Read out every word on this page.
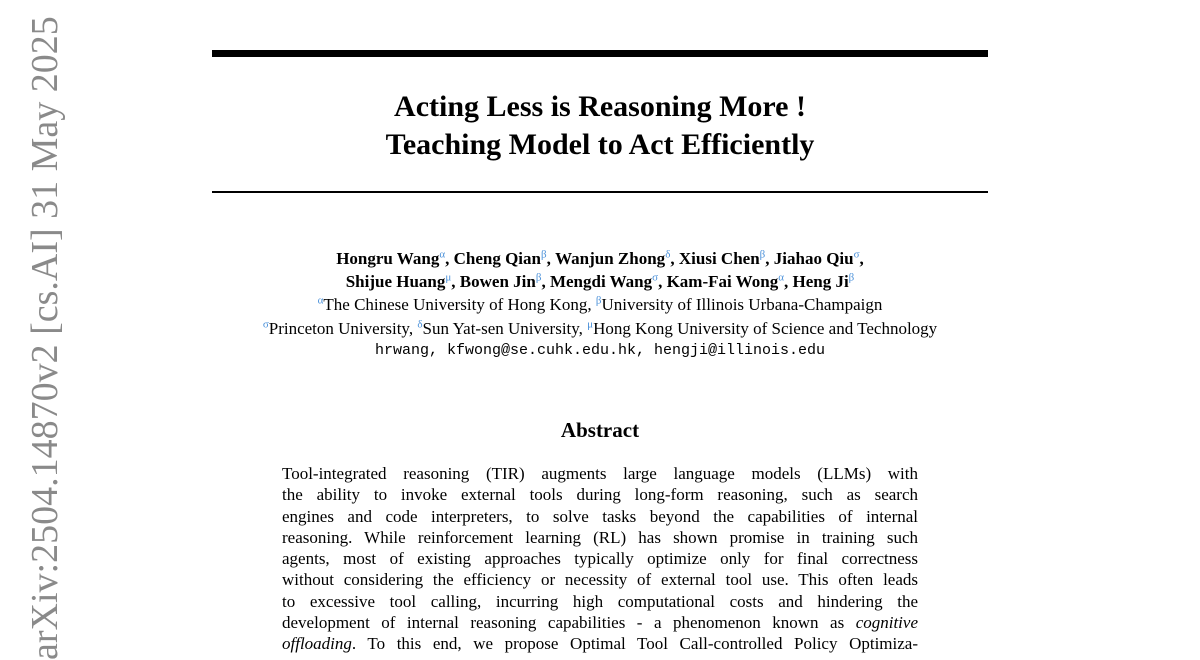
Acting Less is Reasoning More !
Teaching Model to Act Efficiently
Hongru Wang$^\alpha$, Cheng Qian$^\beta$, Wanjun Zhong$^\delta$, Xiusi Chen$^\beta$, Jiahao Qiu$^\sigma$,
Shijue Huang$^\mu$, Bowen Jin$^\beta$, Mengdi Wang$^\sigma$, Kam-Fai Wong$^\alpha$, Heng $Ji^\beta$
$^\alpha$The Chinese University of Hong Kong, $^\beta$University of Illinois Urbana-Champaign
$^\sigma$Princeton University, $^\delta$Sun Yat-sen University, $^\mu$Hong Kong University of Science and Technology
hrwang, kfwong@se.cuhk.edu.hk, hengji@illinois.edu
Abstract
Tool-integrated reasoning (TIR) augments large language models (LLMs) with
the ability to invoke external tools during long-form reasoning, such as search
engines and code interpreters, to solve tasks beyond the capabilities of internal
reasoning. While reinforcement learning (RL) has shown promise in training such
agents, most of existing approaches typically optimize only for final correctness
without considering the efficiency or necessity of external tool use. This often leads
to excessive tool calling, incurring high computational costs and hindering the
development of internal reasoning capabilities - a phenomenon known as cognitive
offloading. To this end, we propose Optimal Tool Call-controlled Policy Optimiza-
arXiv:2504.14870v2 [cs.AI] 31 May 2025
